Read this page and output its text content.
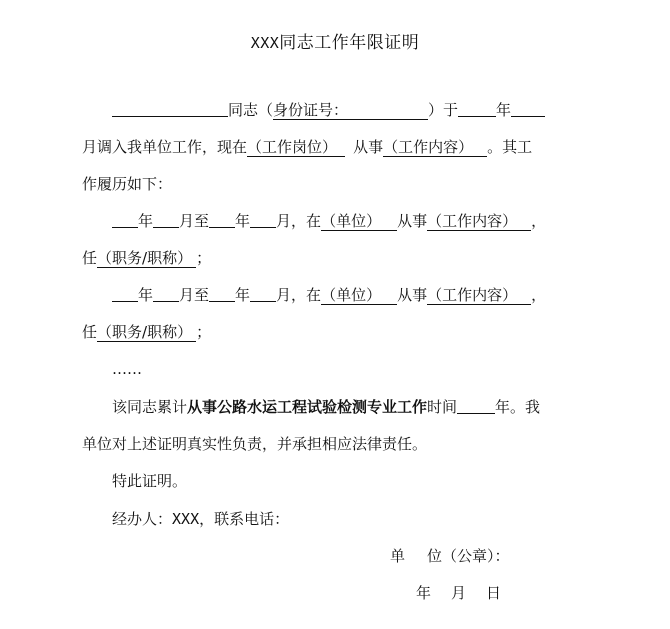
XXX同志工作年限证明
同志（身份证号：	）于	年
月调入我单位工作，现在（工作岗位） 从事（工作内容） 。其工
作履历如下：
年 月至 年 月，在（单位） 从事（工作内容） ，
任（职务/职称） ；
年 月至 年 月，在（单位） 从事（工作内容） ，
任（职务/职称） ；
……
该同志累计从事公路水运工程试验检测专业工作时间	年。我
单位对上述证明真实性负责，并承担相应法律责任。
特此证明。
经办人：XXX，联系电话：
单 位（公章）：
年 月 日
